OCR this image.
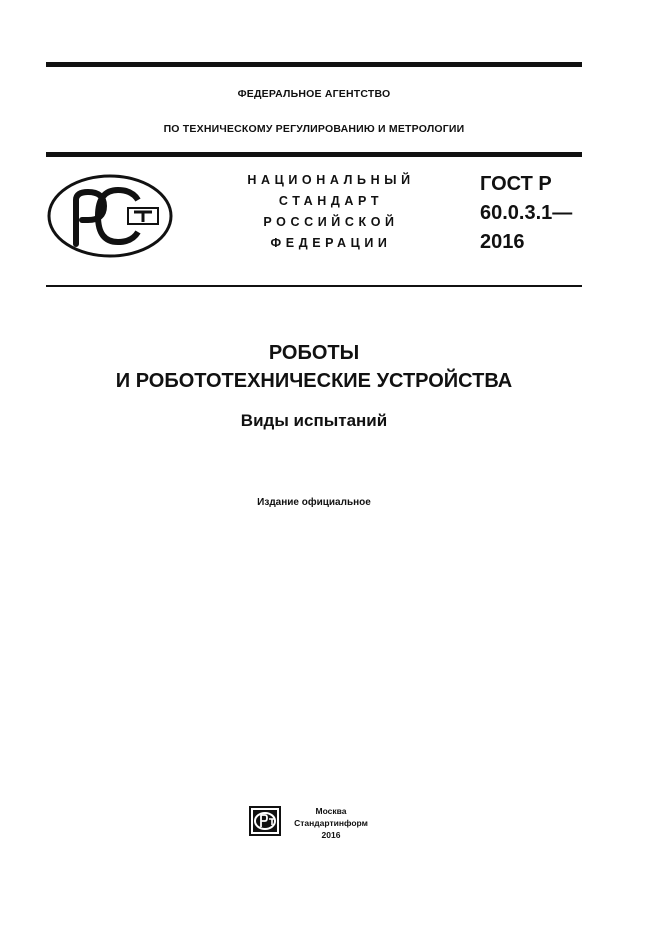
ФЕДЕРАЛЬНОЕ АГЕНТСТВО
ПО ТЕХНИЧЕСКОМУ РЕГУЛИРОВАНИЮ И МЕТРОЛОГИИ
НАЦИОНАЛЬНЫЙ
СТАНДАРТ
РОССИЙСКОЙ
ФЕДЕРАЦИИ
ГОСТ Р
60.0.3.1—
2016
РОБОТЫ
И РОБОТОТЕХНИЧЕСКИЕ УСТРОЙСТВА
Виды испытаний
Издание официальное
Москва
Стандартинформ
2016
